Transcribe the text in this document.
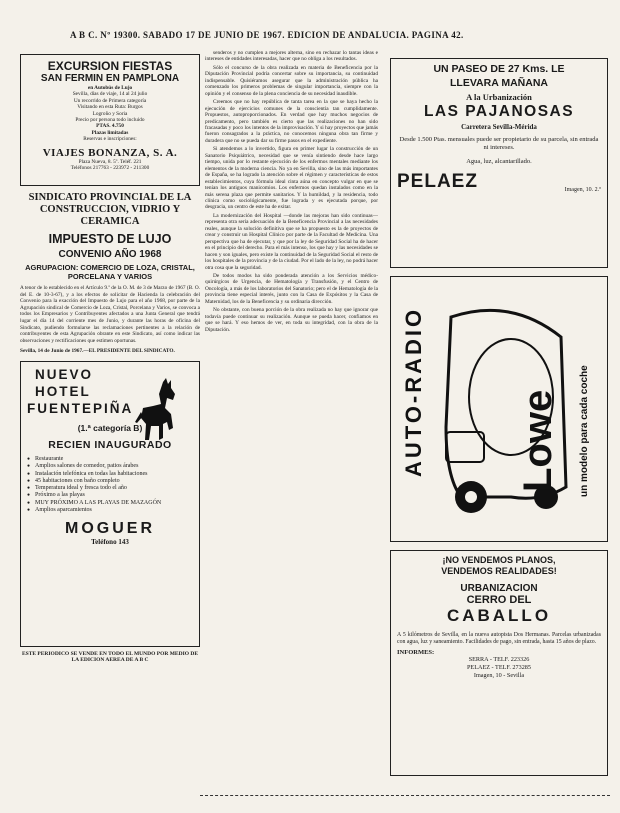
A B C. Nº 19300. SABADO 17 DE JUNIO DE 1967. EDICION DE ANDALUCIA. PAGINA 42.
EXCURSION FIESTAS
SAN FERMIN EN PAMPLONA
en Autobús de Lujo
Sevilla, días de viaje, 14 al 24 julio
Un recorrido de Primera categoría
Visitando en esta Ruta: Burgos
Logroño y Soria
Precio por persona todo incluido
PTAS. 4.750
Plazas limitadas
Reservas e inscripciones:
VIAJES BONANZA, S. A.
Plaza Nueva, 8. 5º. Teléf. 221
Teléfonos 217763 - 223972 - 211300
SINDICATO PROVINCIAL DE LA CONSTRUCCION, VIDRIO Y CERAMICA
IMPUESTO DE LUJO
CONVENIO AÑO 1968
AGRUPACION: COMERCIO DE LOZA, CRISTAL, PORCELANA Y VARIOS

A tenor de lo establecido en el Artículo 9.º de la O. M. de 3 de Marzo de 1967 (B. O. del E. de 10-3-67), y a los efectos de solicitar de Hacienda la celebración del Convenio para la exacción del Impuesto de Lujo para el año 1968, por parte de la Agrupación sindical de Comercio de Loza, Cristal, Porcelana y Varios, se convoca a todos los Empresarios y Contribuyentes afectados a una Junta General que tendrá lugar el día 14 del corriente mes de Junio, y durante las horas de oficina del Sindicato, pudiendo formularse las reclamaciones pertinentes a la relación de contribuyentes de esta Agrupación obrante en este Sindicato, así como indicar las observaciones y rectificaciones que estimen oportunas.

Sevilla, 14 de Junio de 1967.—EL PRESIDENTE DEL SINDICATO.

NUEVO
HOTEL
FUENTEPIÑA
(1.ª categoría B)
RECIEN INAUGURADO
● Restaurante
● Amplios salones de comedor, patios árabes
● Instalación telefónica en todas las habitaciones
● 45 habitaciones con baño completo
● Temperatura ideal y fresca todo el año
● Próximo a las playas
● MUY PRÓXIMO A LAS PLAYAS DE MAZAGÓN
● Amplios aparcamientos
MOGUER
Teléfono 143
ESTE PERIODICO SE VENDE EN TODO EL MUNDO POR MEDIO DE LA EDICION AEREA DE A B C

senderos y no cumplen a mejores alterna, sino en rechazar lo tantas ideas e intereses de entidades interesadas, hacer que no obliga a los resultados.

Sólo el concurso de la obra realizada en materia de Beneficencia por la Diputación Provincial podría concertar sobre su importancia, su continuidad indispensable. Quisiéramos asegurar que la administración pública ha comenzado los primeros problemas de singular importancia, siempre con la opinión y el consenso de la plena conciencia de su necesidad inaudible.

Creemos que no hay república de tanta tarea en la que se haya hecho la ejecución de ejercicios comunes de la conscientia tan cumplidamente. Propuestos, autoproporcionados. En verdad que hay muchos negocios de predicamento, pero también es cierto que las realizaciones no han sido fracasadas y poco los intentos de la improvisación. Y si hay proyectos que jamás fueron consagrados a la práctica, no conocemos ninguna obra tan firme y duradera que no se pueda dar su firme pasos en el expediente.

Si atendemos a lo invertido, figura en primer lugar la construcción de un Sanatorio Psiquiátrico, necesidad que se venía sintiendo desde hace largo tiempo, unida por lo restante ejecución de los enfermos mentales mediante los elementos de la moderna ciencia. No ya en Sevilla, sino de las más importantes de España, se ha logrado la atención sobre el régimen y características de estos establecimientos, cuya fórmula ideal cinta aúna en concepto vulgar en que se tenían los antiguos manicomios. Los enfermos quedan instalados como en la más serena plaza que permite sanitarios. Y la humildad, y la residencia, todo clínica como sociológicamente, fue lograda y es ejecutada porque, por desgracia, un centro de este ha de exitar.

La modernización del Hospital —donde las mejoras han sido continuas— representa otra seria adecuación de la Beneficencia Provincial a las necesidades reales, aunque la solución definitiva que se ha propuesto es la de proyectos de crear y construir un Hospital Clínico por parte de la Facultad de Medicina. Una perspectiva que ha de ejecutar, y que por la ley de Seguridad Social ha de hacer en el principio del derecho. Para el más intenso, los que hay y las necesidades se hacen y son iguales, pero existe la continuidad de la Seguridad Social el resto de los hospitales de la provincia y de la ciudad. Por el lado de la ley, no podrá hacer otra cosa que la seguridad.

De todos modos ha sido ponderada atención a los Servicios médico-quirúrgicos de Urgencia, de Hematología y Transfusión, y el Centro de Oncología, a más de los laboratorios del Sanatorio; pero el de Hematología de la provincia tiene especial interés, junto con la Casa de Expósitos y la Casa de Maternidad, los de la Beneficencia y su ordinaria dirección.

No obstante, con buena porción de la obra realizada no hay que ignorar que todavía puede continuar su realización. Aunque se pueda hacer, confiamos en que se hará. Y eso hemos de ver, en toda su integridad, con la obra de la Diputación.

UN PASEO DE 27 Kms. LE
LLEVARA MAÑANA
A la Urbanización
LAS PAJANOSAS
Carretera Sevilla-Mérida
Desde 1.500 Ptas. mensuales puede ser propietario de su parcela, sin entrada ni intereses.
Agua, luz, alcantarillado.
PELAEZ	Imagen, 10. 2.º
AUTO-RADIO	un modelo para cada coche
Lowe
¡NO VENDEMOS PLANOS,
VENDEMOS REALIDADES!
URBANIZACION
CERRO DEL
CABALLO
A 5 kilómetros de Sevilla, en la nueva autopista Dos Hermanas. Parcelas urbanizadas con agua, luz y saneamiento. Facilidades de pago, sin entrada, hasta 15 años de plazo.
INFORMES:
SERRA - TELF. 223326
PELAEZ - TELF. 273285
Imagen, 10 - Sevilla
